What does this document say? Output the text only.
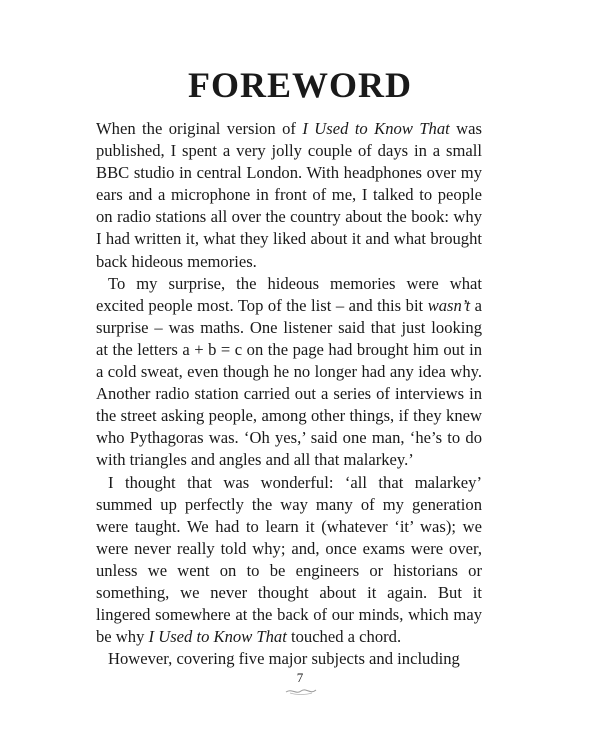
FOREWORD

When the original version of I Used to Know That was published, I spent a very jolly couple of days in a small BBC studio in central London. With headphones over my ears and a microphone in front of me, I talked to people on radio stations all over the country about the book: why I had written it, what they liked about it and what brought back hideous memories.

To my surprise, the hideous memories were what excited people most. Top of the list – and this bit wasn’t a surprise – was maths. One listener said that just looking at the letters a + b = c on the page had brought him out in a cold sweat, even though he no longer had any idea why. Another radio station carried out a series of interviews in the street asking people, among other things, if they knew who Pythagoras was. ‘Oh yes,’ said one man, ‘he’s to do with triangles and angles and all that malarkey.’

I thought that was wonderful: ‘all that malarkey’ summed up perfectly the way many of my generation were taught. We had to learn it (whatever ‘it’ was); we were never really told why; and, once exams were over, unless we went on to be engineers or historians or something, we never thought about it again. But it lingered somewhere at the back of our minds, which may be why I Used to Know That touched a chord.

However, covering five major subjects and including

7
